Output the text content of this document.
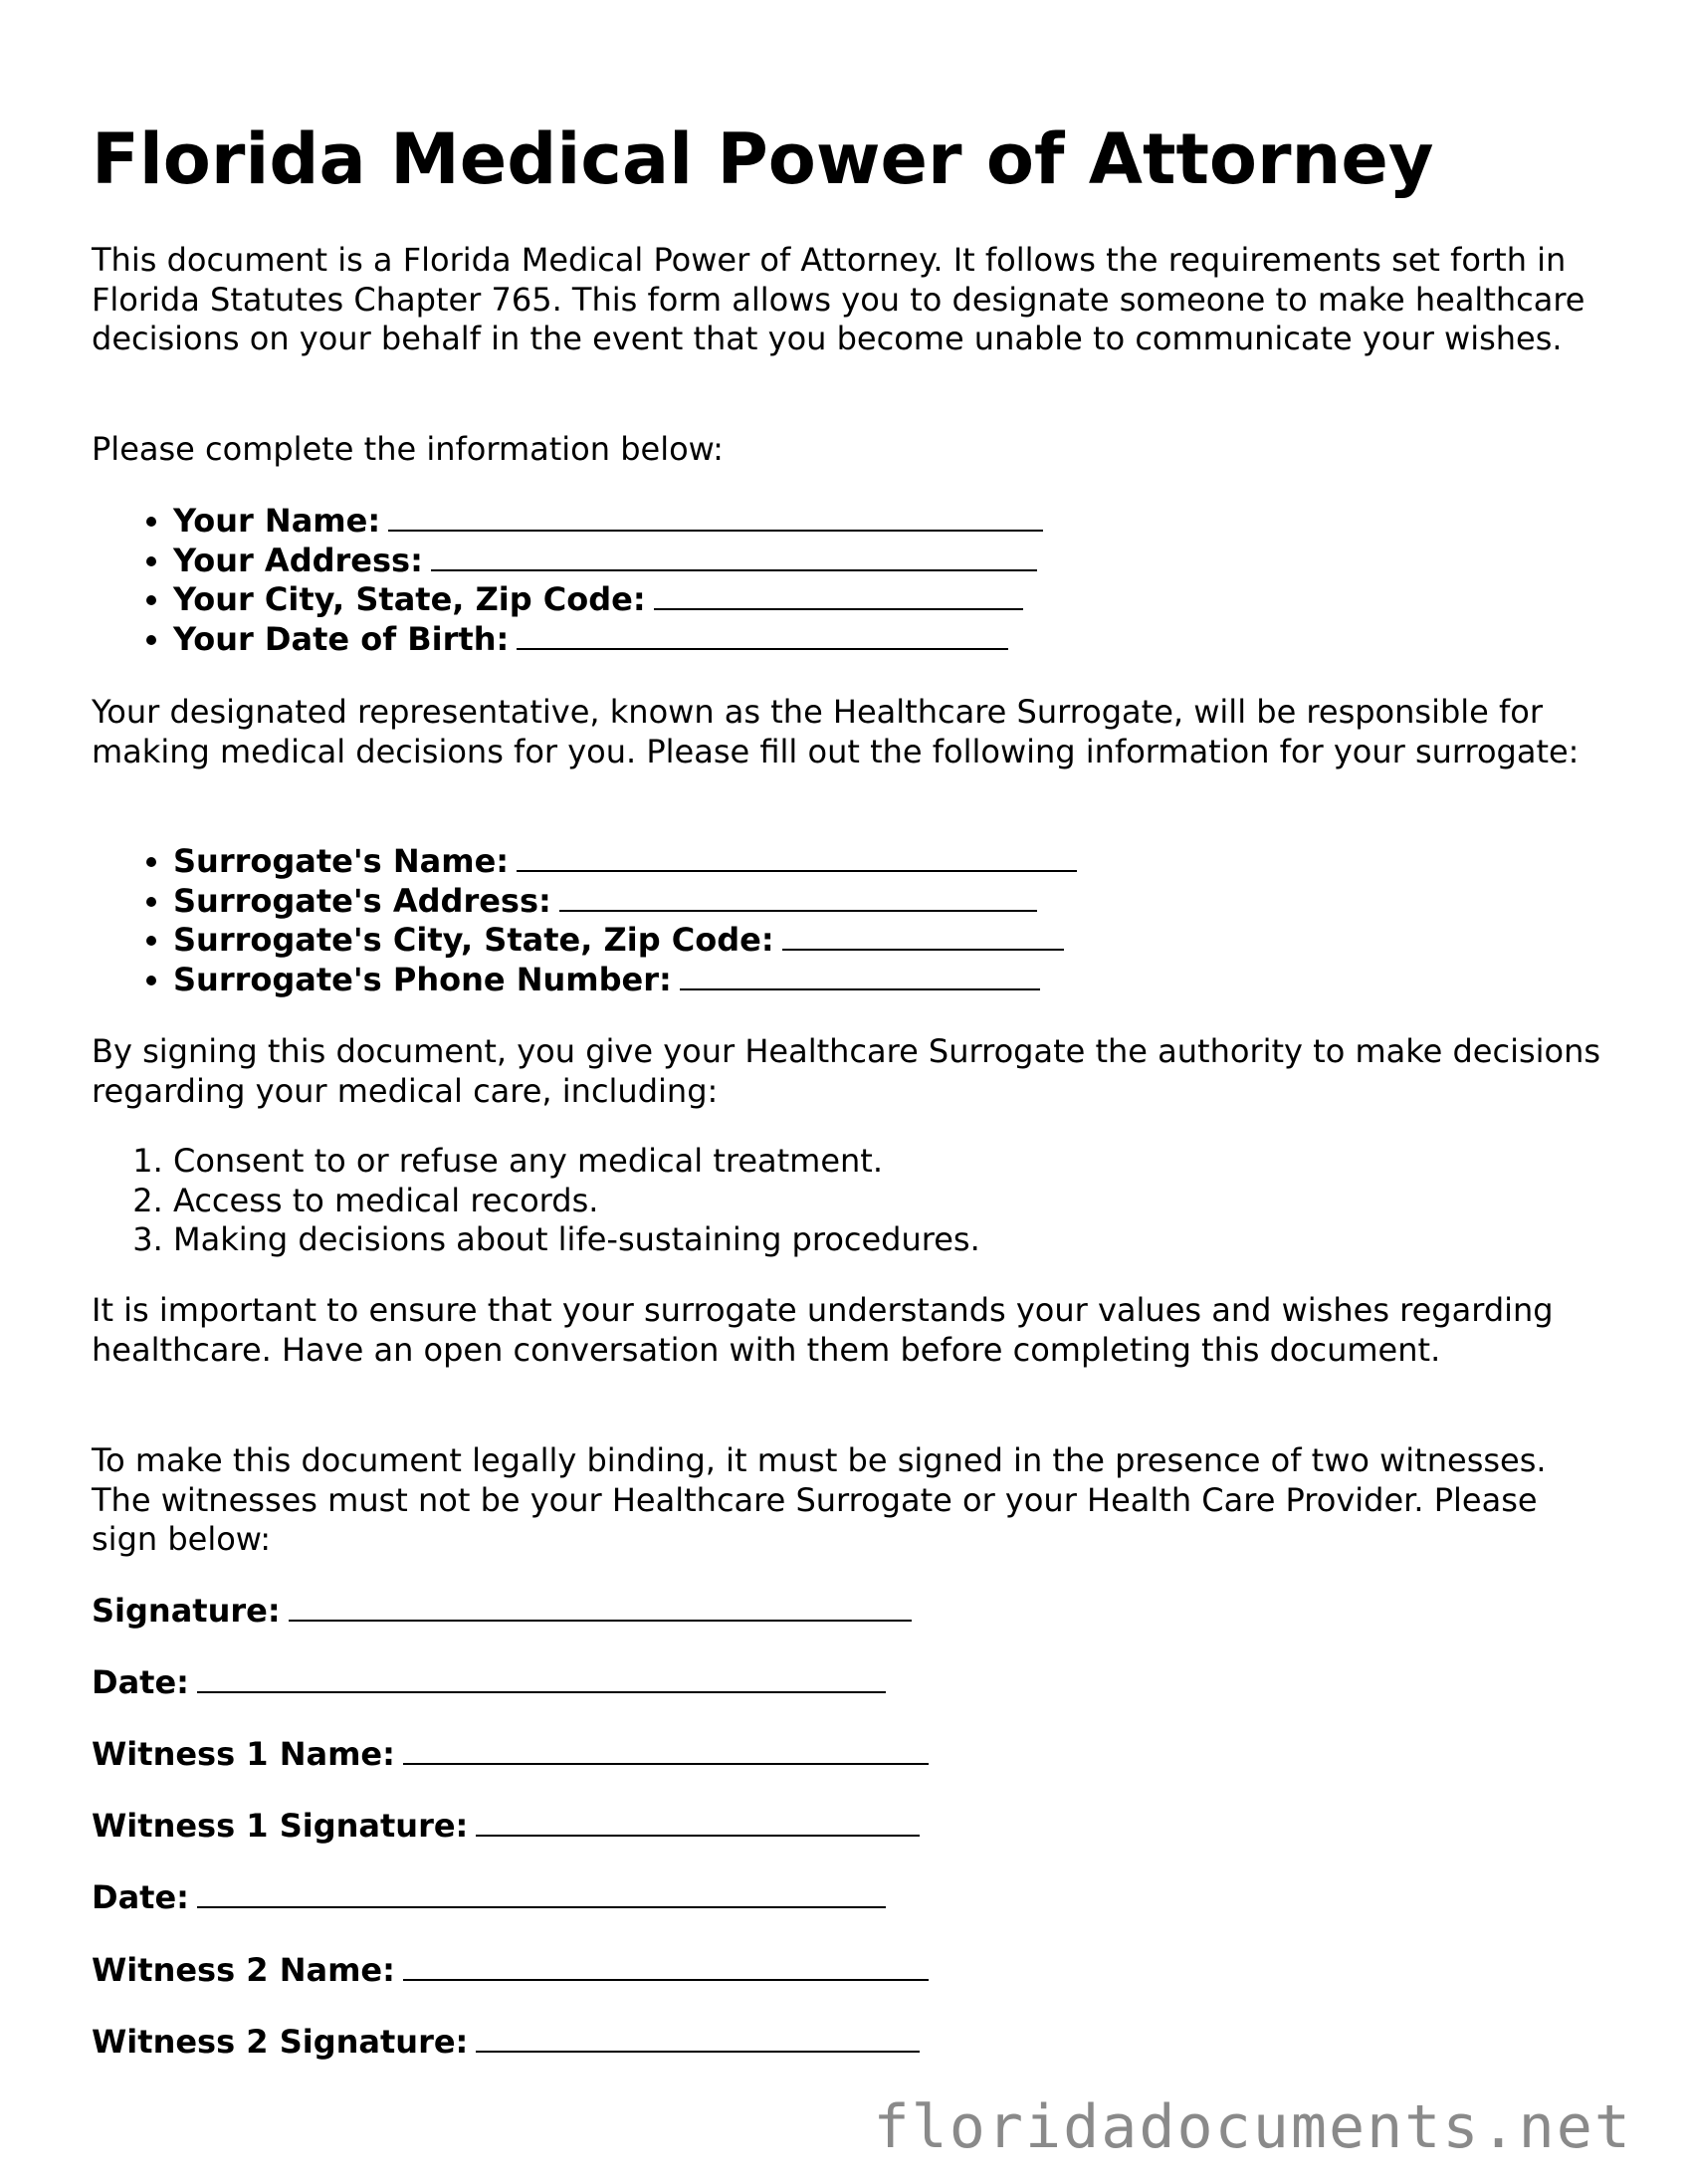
Florida Medical Power of Attorney

This document is a Florida Medical Power of Attorney. It follows the requirements set forth in Florida Statutes Chapter 765. This form allows you to designate someone to make healthcare decisions on your behalf in the event that you become unable to communicate your wishes.

Please complete the information below:

• Your Name:
• Your Address:
• Your City, State, Zip Code:
• Your Date of Birth:

Your designated representative, known as the Healthcare Surrogate, will be responsible for making medical decisions for you. Please fill out the following information for your surrogate:

• Surrogate's Name:
• Surrogate's Address:
• Surrogate's City, State, Zip Code:
• Surrogate's Phone Number:

By signing this document, you give your Healthcare Surrogate the authority to make decisions regarding your medical care, including:

1. Consent to or refuse any medical treatment.
2. Access to medical records.
3. Making decisions about life-sustaining procedures.

It is important to ensure that your surrogate understands your values and wishes regarding healthcare. Have an open conversation with them before completing this document.

To make this document legally binding, it must be signed in the presence of two witnesses. The witnesses must not be your Healthcare Surrogate or your Health Care Provider. Please sign below:

Signature:
Date:
Witness 1 Name:
Witness 1 Signature:
Date:
Witness 2 Name:
Witness 2 Signature:
floridadocuments.net
